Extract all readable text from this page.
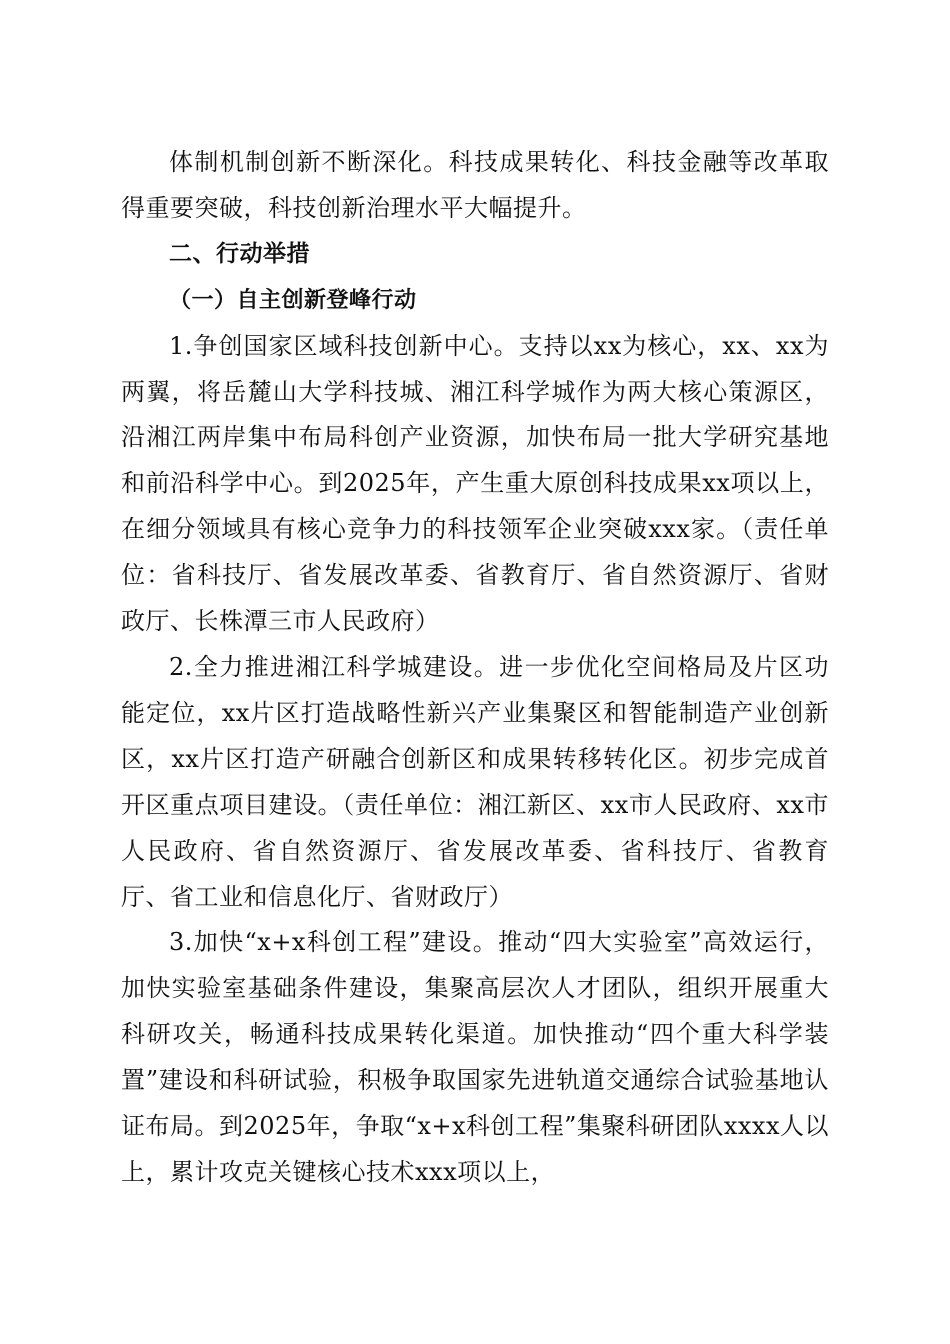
体制机制创新不断深化。科技成果转化、科技金融等改革取得重要突破，科技创新治理水平大幅提升。

二、行动举措

（一）自主创新登峰行动

1.争创国家区域科技创新中心。支持以xx为核心，xx、xx为两翼，将岳麓山大学科技城、湘江科学城作为两大核心策源区，沿湘江两岸集中布局科创产业资源，加快布局一批大学研究基地和前沿科学中心。到2025年，产生重大原创科技成果xx项以上，在细分领域具有核心竞争力的科技领军企业突破xxx家。（责任单位：省科技厅、省发展改革委、省教育厅、省自然资源厅、省财政厅、长株潭三市人民政府）

2.全力推进湘江科学城建设。进一步优化空间格局及片区功能定位，xx片区打造战略性新兴产业集聚区和智能制造产业创新区，xx片区打造产研融合创新区和成果转移转化区。初步完成首开区重点项目建设。（责任单位：湘江新区、xx市人民政府、xx市人民政府、省自然资源厅、省发展改革委、省科技厅、省教育厅、省工业和信息化厅、省财政厅）

3.加快“x+x科创工程”建设。推动“四大实验室”高效运行，加快实验室基础条件建设，集聚高层次人才团队，组织开展重大科研攻关，畅通科技成果转化渠道。加快推动“四个重大科学装置”建设和科研试验，积极争取国家先进轨道交通综合试验基地认证布局。到2025年，争取“x+x科创工程”集聚科研团队xxxx人以上，累计攻克关键核心技术xxx项以上，
